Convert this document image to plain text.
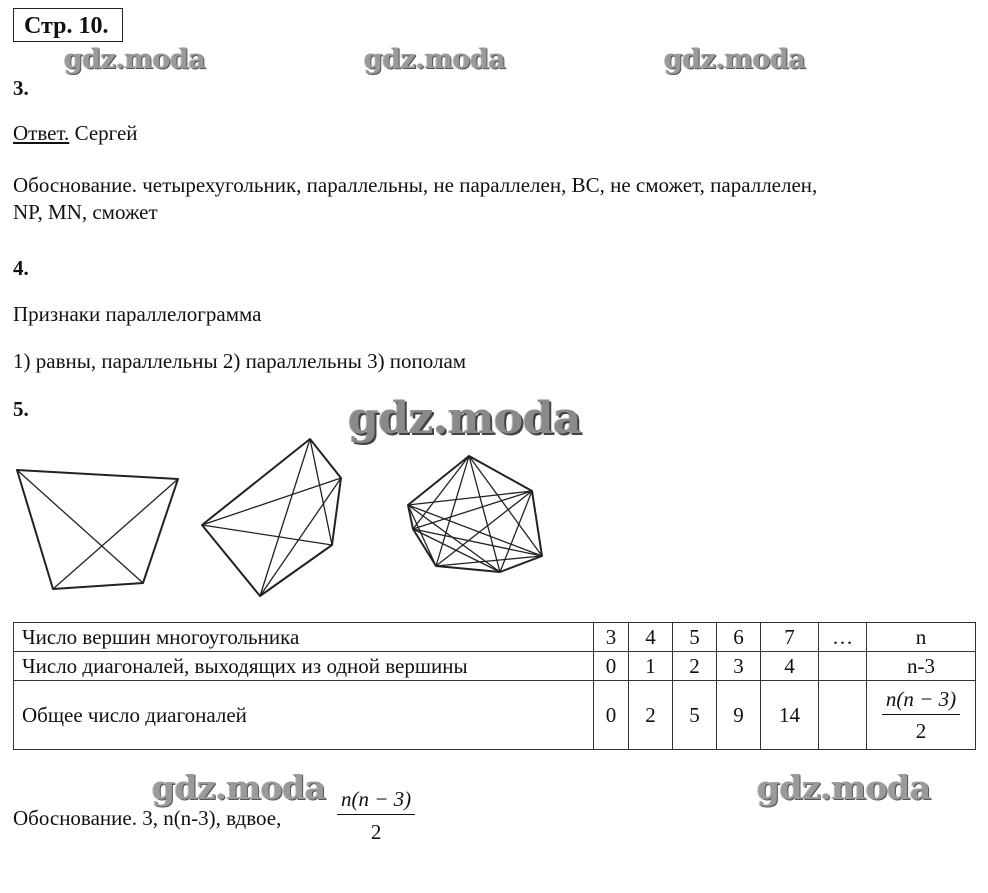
Стр. 10.
gdz.moda	gdz.moda	gdz.moda
3.
Ответ. Сергей
Обоснование. четырехугольник, параллельны, не параллелен, BC, не сможет, параллелен,
NP, MN, сможет
4.
Признаки параллелограмма
1) равны, параллельны 2) параллельны 3) пополам
5.	gdz.moda
Число вершин многоугольника	3	4	5	6	7	…	n
Число диагоналей, выходящих из одной вершины	0	1	2	3	4		n-3
Общее число диагоналей	0	2	5	9	14		$\frac{n(n - 3)}{2}$
gdz.moda	gdz.moda
Обоснование. 3, n(n-3), вдвое,	$\frac{n(n - 3)}{2}$
